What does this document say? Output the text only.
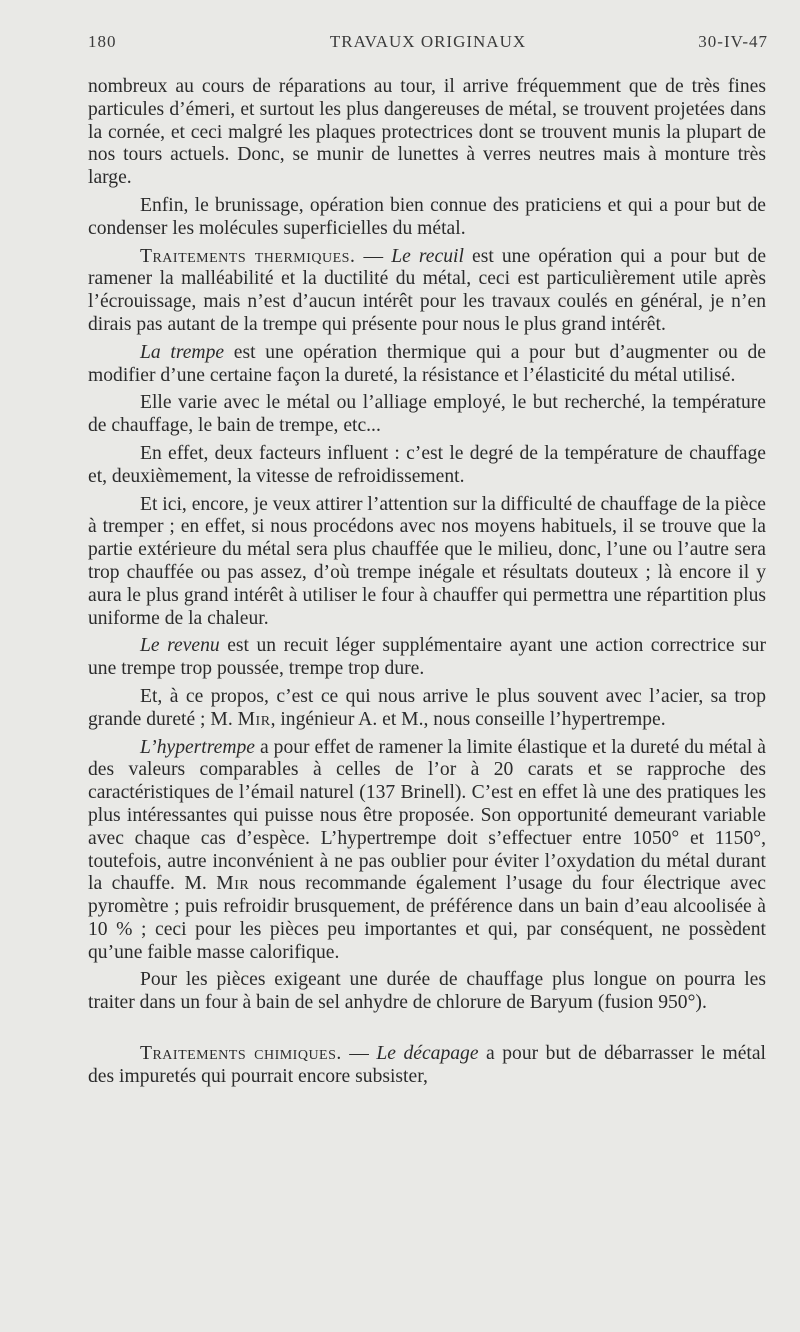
180	TRAVAUX ORIGINAUX	30-IV-47

nombreux au cours de réparations au tour, il arrive fréquemment que de très fines particules d’émeri, et surtout les plus dangereuses de métal, se trouvent projetées dans la cornée, et ceci malgré les plaques protectrices dont se trouvent munis la plupart de nos tours actuels. Donc, se munir de lunettes à verres neutres mais à monture très large.

Enfin, le brunissage, opération bien connue des praticiens et qui a pour but de condenser les molécules superficielles du métal.

Traitements thermiques. — Le recuil est une opération qui a pour but de ramener la malléabilité et la ductilité du métal, ceci est particulièrement utile après l’écrouissage, mais n’est d’aucun intérêt pour les travaux coulés en général, je n’en dirais pas autant de la trempe qui présente pour nous le plus grand intérêt.

La trempe est une opération thermique qui a pour but d’augmenter ou de modifier d’une certaine façon la dureté, la résistance et l’élasticité du métal utilisé.

Elle varie avec le métal ou l’alliage employé, le but recherché, la température de chauffage, le bain de trempe, etc...

En effet, deux facteurs influent : c’est le degré de la température de chauffage et, deuxièmement, la vitesse de refroidissement.

Et ici, encore, je veux attirer l’attention sur la difficulté de chauffage de la pièce à tremper ; en effet, si nous procédons avec nos moyens habituels, il se trouve que la partie extérieure du métal sera plus chauffée que le milieu, donc, l’une ou l’autre sera trop chauffée ou pas assez, d’où trempe inégale et résultats douteux ; là encore il y aura le plus grand intérêt à utiliser le four à chauffer qui permettra une répartition plus uniforme de la chaleur.

Le revenu est un recuit léger supplémentaire ayant une action correctrice sur une trempe trop poussée, trempe trop dure.

Et, à ce propos, c’est ce qui nous arrive le plus souvent avec l’acier, sa trop grande dureté ; M. Mir, ingénieur A. et M., nous conseille l’hypertrempe.

L’hypertrempe a pour effet de ramener la limite élastique et la dureté du métal à des valeurs comparables à celles de l’or à 20 carats et se rapproche des caractéristiques de l’émail naturel (137 Brinell). C’est en effet là une des pratiques les plus intéressantes qui puisse nous être proposée. Son opportunité demeurant variable avec chaque cas d’espèce. L’hypertrempe doit s’effectuer entre 1050° et 1150°, toutefois, autre inconvénient à ne pas oublier pour éviter l’oxydation du métal durant la chauffe. M. Mir nous recommande également l’usage du four électrique avec pyromètre ; puis refroidir brusquement, de préférence dans un bain d’eau alcoolisée à 10 % ; ceci pour les pièces peu importantes et qui, par conséquent, ne possèdent qu’une faible masse calorifique.

Pour les pièces exigeant une durée de chauffage plus longue on pourra les traiter dans un four à bain de sel anhydre de chlorure de Baryum (fusion 950°).

Traitements chimiques. — Le décapage a pour but de débarrasser le métal des impuretés qui pourrait encore subsister,
